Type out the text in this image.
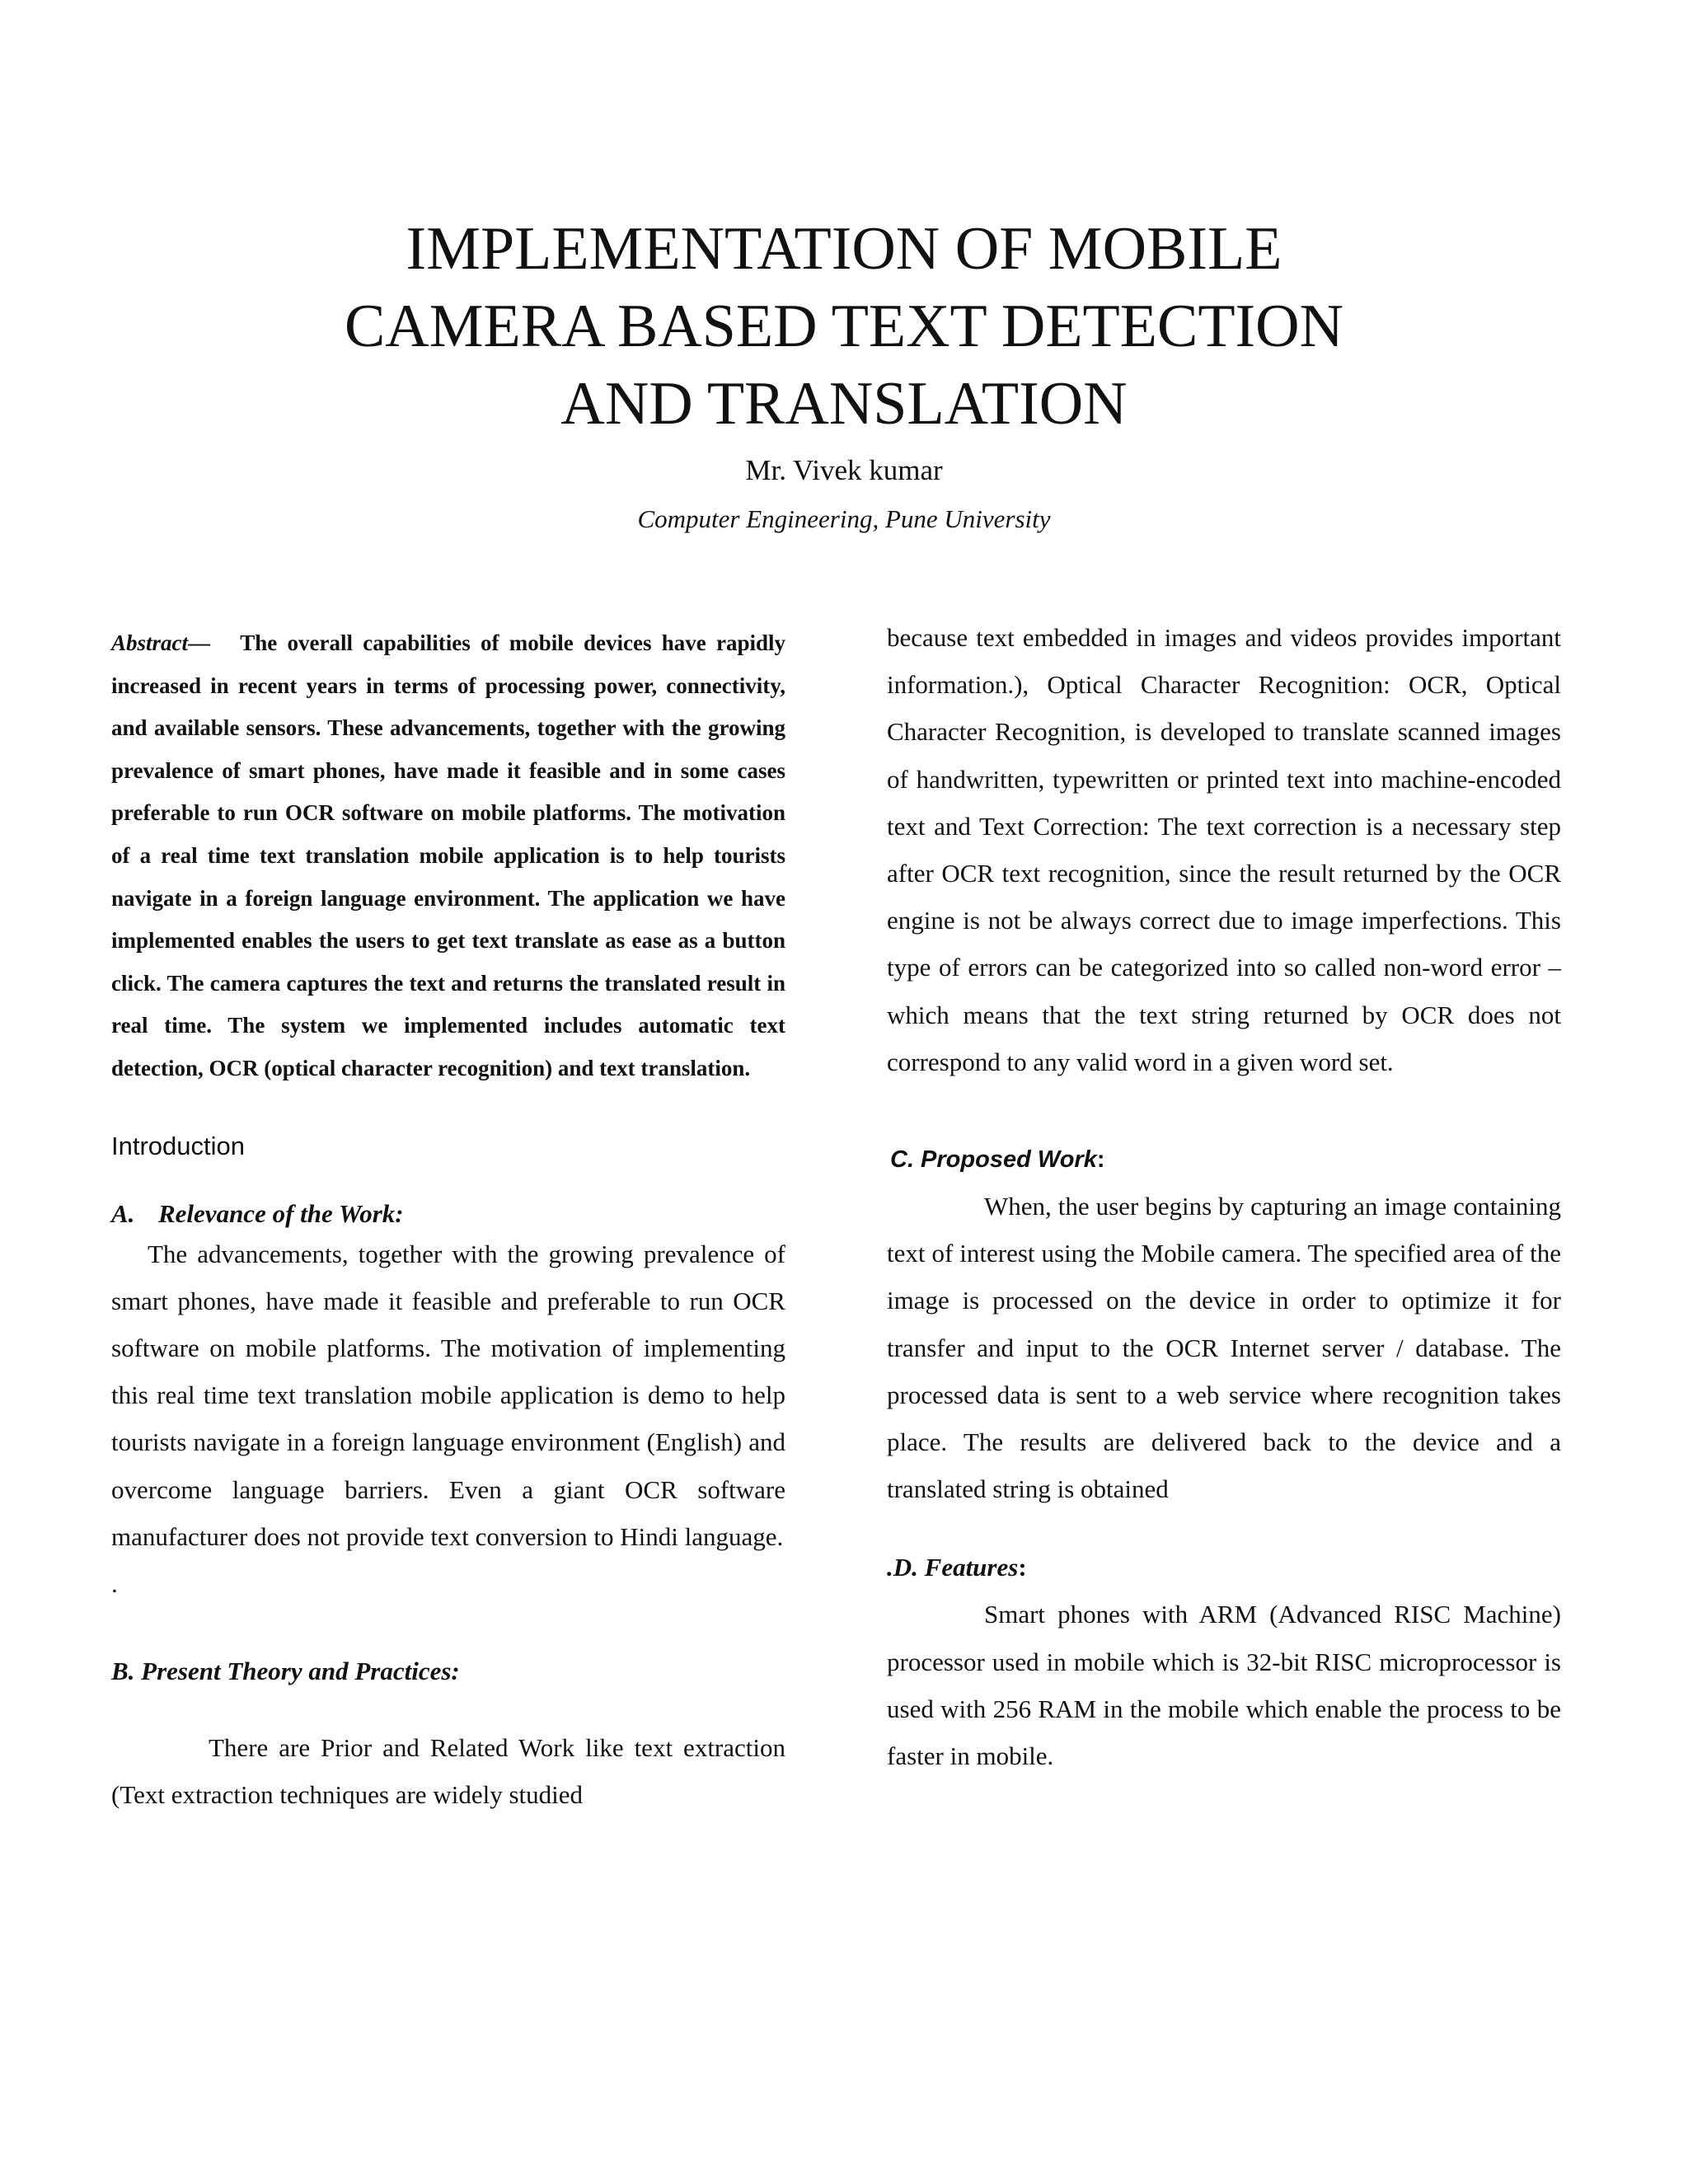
IMPLEMENTATION OF MOBILE
CAMERA BASED TEXT DETECTION
AND TRANSLATION
Mr. Vivek kumar
Computer Engineering, Pune University

Abstract— The overall capabilities of mobile devices have rapidly increased in recent years in terms of processing power, connectivity, and available sensors. These advancements, together with the growing prevalence of smart phones, have made it feasible and in some cases preferable to run OCR software on mobile platforms. The motivation of a real time text translation mobile application is to help tourists navigate in a foreign language environment. The application we have implemented enables the users to get text translate as ease as a button click. The camera captures the text and returns the translated result in real time. The system we implemented includes automatic text detection, OCR (optical character recognition) and text translation.

Introduction
A. Relevance of the Work:

The advancements, together with the growing prevalence of smart phones, have made it feasible and preferable to run OCR software on mobile platforms. The motivation of implementing this real time text translation mobile application is demo to help tourists navigate in a foreign language environment (English) and overcome language barriers. Even a giant OCR software manufacturer does not provide text conversion to Hindi language.

.
B. Present Theory and Practices:

There are Prior and Related Work like text extraction (Text extraction techniques are widely studied

because text embedded in images and videos provides important information.), Optical Character Recognition: OCR, Optical Character Recognition, is developed to translate scanned images of handwritten, typewritten or printed text into machine-encoded text and Text Correction: The text correction is a necessary step after OCR text recognition, since the result returned by the OCR engine is not be always correct due to image imperfections. This type of errors can be categorized into so called non-word error – which means that the text string returned by OCR does not correspond to any valid word in a given word set.

C. Proposed Work:

When, the user begins by capturing an image containing text of interest using the Mobile camera. The specified area of the image is processed on the device in order to optimize it for transfer and input to the OCR Internet server / database. The processed data is sent to a web service where recognition takes place. The results are delivered back to the device and a translated string is obtained

.D. Features:

Smart phones with ARM (Advanced RISC Machine) processor used in mobile which is 32-bit RISC microprocessor is used with 256 RAM in the mobile which enable the process to be faster in mobile.
